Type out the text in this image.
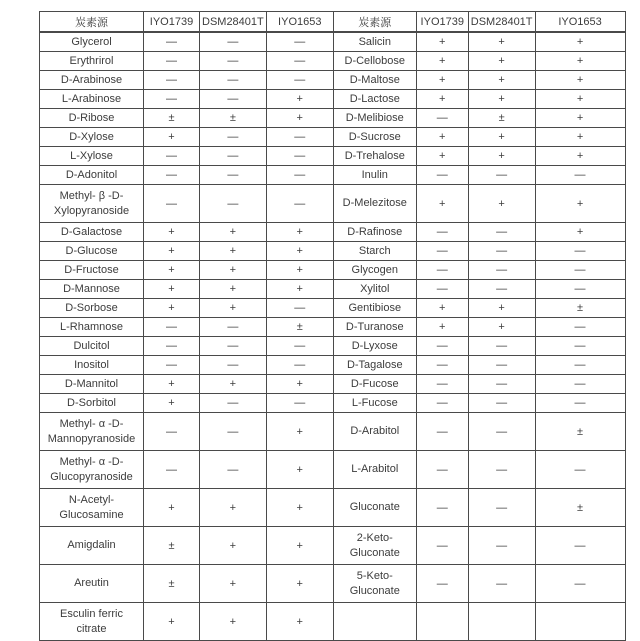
炭素源	IYO1739	DSM28401T	IYO1653	炭素源	IYO1739	DSM28401T	IYO1653

Glycerol	—	—	—	Salicin	+	+	+

Erythrirol	—	—	—	D-Cellobose	+	+	+

D-Arabinose	—	—	—	D-Maltose	+	+	+

L-Arabinose	—	—	+	D-Lactose	+	+	+

D-Ribose	±	±	+	D-Melibiose	—	±	+

D-Xylose	+	—	—	D-Sucrose	+	+	+

L-Xylose	—	—	—	D-Trehalose	+	+	+

D-Adonitol	—	—	—	Inulin	—	—	—

Methyl- β -D-
Xylopyranoside	—	—	—	D-Melezitose	+	+	+

D-Galactose	+	+	+	D-Rafinose	—	—	+

D-Glucose	+	+	+	Starch	—	—	—

D-Fructose	+	+	+	Glycogen	—	—	—

D-Mannose	+	+	+	Xylitol	—	—	—

D-Sorbose	+	+	—	Gentibiose	+	+	±

L-Rhamnose	—	—	±	D-Turanose	+	+	—

Dulcitol	—	—	—	D-Lyxose	—	—	—

Inositol	—	—	—	D-Tagalose	—	—	—

D-Mannitol	+	+	+	D-Fucose	—	—	—

D-Sorbitol	+	—	—	L-Fucose	—	—	—

Methyl- α -D-
Mannopyranoside	—	—	+	D-Arabitol	—	—	±

Methyl- α -D-
Glucopyranoside	—	—	+	L-Arabitol	—	—	—

N-Acetyl-
Glucosamine	+	+	+	Gluconate	—	—	±

Amigdalin	±	+	+	2-Keto-
Gluconate	—	—	—

Areutin	±	+	+	5-Keto-
Gluconate	—	—	—

Esculin ferric
citrate	+	+	+				
